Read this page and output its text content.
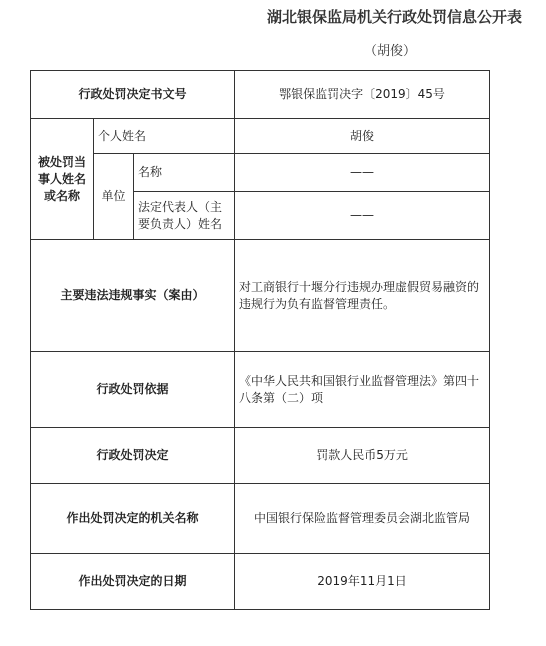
湖北银保监局机关行政处罚信息公开表
（胡俊）
行政处罚决定书文号			鄂银保监罚决字〔2019〕45号
被处罚当事人姓名或名称	个人姓名		胡俊
	单位	名称	——
		法定代表人（主要负责人）姓名	——
主要违法违规事实（案由）			对工商银行十堰分行违规办理虚假贸易融资的违规行为负有监督管理责任。
行政处罚依据			《中华人民共和国银行业监督管理法》第四十八条第（二）项
行政处罚决定			罚款人民币5万元
作出处罚决定的机关名称			中国银行保险监督管理委员会湖北监管局
作出处罚决定的日期			2019年11月1日
